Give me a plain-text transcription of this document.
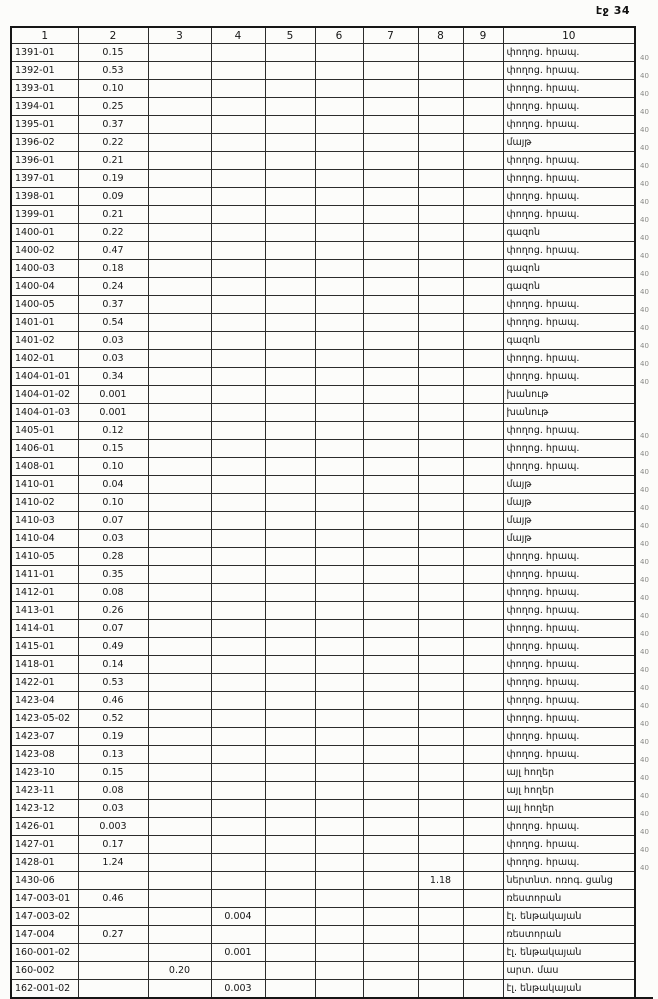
էջ 34
1	2	3	4	5	6	7	8	9	10	
1391-01	0.15								փողոց. հրապ.	40
1392-01	0.53								փողոց. հրապ.	40
1393-01	0.10								փողոց. հրապ.	40
1394-01	0.25								փողոց. հրապ.	40
1395-01	0.37								փողոց. հրապ.	40
1396-02	0.22								մայթ	40
1396-01	0.21								փողոց. հրապ.	40
1397-01	0.19								փողոց. հրապ.	40
1398-01	0.09								փողոց. հրապ.	40
1399-01	0.21								փողոց. հրապ.	40
1400-01	0.22								գազոն	40
1400-02	0.47								փողոց. հրապ.	40
1400-03	0.18								գազոն	40
1400-04	0.24								գազոն	40
1400-05	0.37								փողոց. հրապ.	40
1401-01	0.54								փողոց. հրապ.	40
1401-02	0.03								գազոն	40
1402-01	0.03								փողոց. հրապ.	40
1404-01-01	0.34								փողոց. հրապ.	40
1404-01-02	0.001								խանութ	
1404-01-03	0.001								խանութ	
1405-01	0.12								փողոց. հրապ.	40
1406-01	0.15								փողոց. հրապ.	40
1408-01	0.10								փողոց. հրապ.	40
1410-01	0.04								մայթ	40
1410-02	0.10								մայթ	40
1410-03	0.07								մայթ	40
1410-04	0.03								մայթ	40
1410-05	0.28								փողոց. հրապ.	40
1411-01	0.35								փողոց. հրապ.	40
1412-01	0.08								փողոց. հրապ.	40
1413-01	0.26								փողոց. հրապ.	40
1414-01	0.07								փողոց. հրապ.	40
1415-01	0.49								փողոց. հրապ.	40
1418-01	0.14								փողոց. հրապ.	40
1422-01	0.53								փողոց. հրապ.	40
1423-04	0.46								փողոց. հրապ.	40
1423-05-02	0.52								փողոց. հրապ.	40
1423-07	0.19								փողոց. հրապ.	40
1423-08	0.13								փողոց. հրապ.	40
1423-10	0.15								այլ հողեր	40
1423-11	0.08								այլ հողեր	40
1423-12	0.03								այլ հողեր	40
1426-01	0.003								փողոց. հրապ.	40
1427-01	0.17								փողոց. հրապ.	40
1428-01	1.24								փողոց. հրապ.	40
1430-06							1.18		ներտնտ. ոռոգ. ցանց	
147-003-01	0.46								ռեստորան	
147-003-02			0.004						էլ. ենթակայան	
147-004	0.27								ռեստորան	
160-001-02			0.001						էլ. ենթակայան	
160-002		0.20							արտ. մաս	
162-001-02			0.003						էլ. ենթակայան	
